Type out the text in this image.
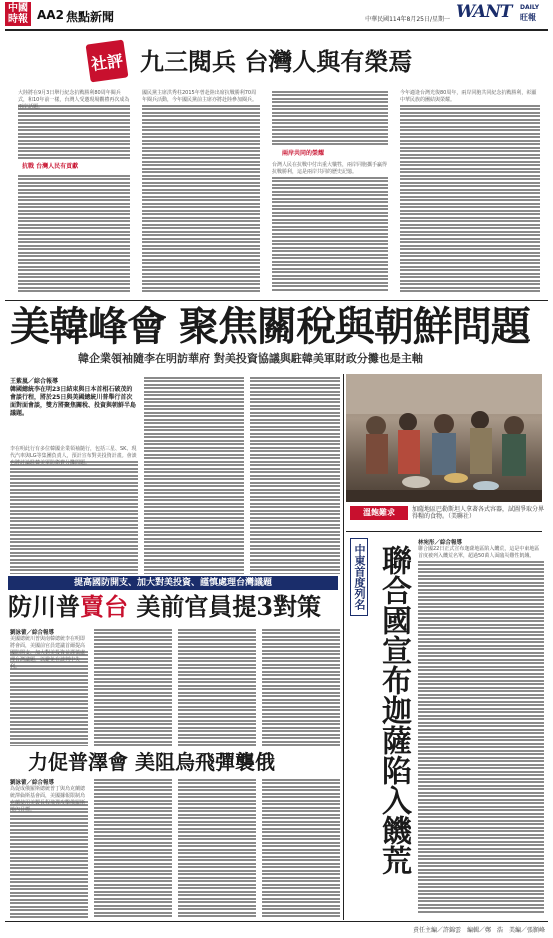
中國
時報 AA2 焦點新聞	中華民國114年8月25日/星期一 WANT DAILY
旺報
社評 九三閱兵 台灣人與有榮焉
大陸將在9月3日舉行紀念抗戰勝利80周年閱兵式，和10年前一樣，台灣人受邀現場觀禮再次成為兩岸話題。
抗戰 台灣人民有貢獻
國民黨主席洪秀柱2015年曾赴陸出席抗戰勝利70周年閱兵活動，今年國民黨前主席亦將赴陸參加閱兵。
兩岸共同的榮耀
台灣人民在抗戰中付出重大犧牲，兩岸同胞攜手贏得抗戰勝利，這是兩岸共同的歷史記憶。
今年適逢台灣光復80周年，兩岸同胞共同紀念抗戰勝利，彰顯中華民族的團結與榮耀。
美韓峰會 聚焦關稅與朝鮮問題
韓企業領袖隨李在明訪華府 對美投資協議與駐韓美軍財政分攤也是主軸
王紫嵐／綜合報導
韓國總統李在明23日結束與日本首相石破茂的會談行程，將於25日與美國總統川普舉行首次面對面會談，雙方將聚焦關稅、投資與朝鮮半島議題。
李在明此行有多位韓國企業領袖隨行，包括三星、SK、現代汽車與LG等集團負責人，預計宣布對美投資計畫。會談也將討論駐韓美軍防衛費分攤問題。
溫飽難求	加薩地區巴勒斯坦人拿著各式容器，試圖爭取分界得糧的食物。（美聯社）
提高國防開支、加大對美投資、謹慎處理台灣議題
防川普賣台 美前官員提3對策
劉詠蕾／綜合報導
美國總統川普與南韓總統李在明即將會面，美國前官員建議首爾提高國防開支、加大對美投資並謹慎處理台灣議題，以避免在談判中失利。
力促普澤會 美阻烏飛彈襲俄
劉詠蕾／綜合報導
為促成俄羅斯總統普丁與烏克蘭總統澤倫斯基會面，美國據報限制烏克蘭使用美製長程飛彈攻擊俄羅斯境內目標。
中東首度列名 聯合國宣布迦薩陷入饑荒
林宛彤／綜合報導
聯合國22日正式宣布迦薩地區陷入饑荒，這是中東地區首度被列入饑荒名單，超過50萬人面臨災難性飢餓。
責任主編／許錦雲　編輯／鄭　浩　美編／張顥峰
